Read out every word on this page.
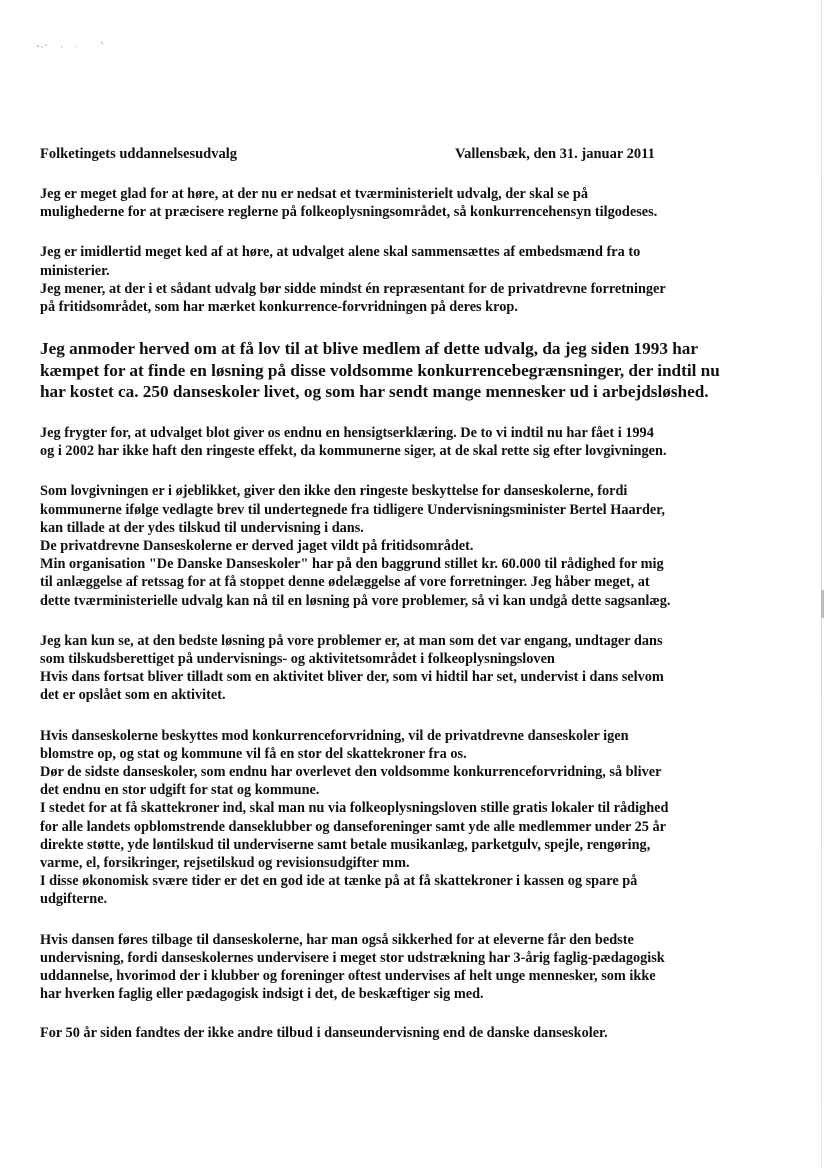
Folketingets uddannelsesudvalg	Vallensbæk, den 31. januar 2011

Jeg er meget glad for at høre, at der nu er nedsat et tværministerielt udvalg, der skal se på
mulighederne for at præcisere reglerne på folkeoplysningsområdet, så konkurrencehensyn tilgodeses.

Jeg er imidlertid meget ked af at høre, at udvalget alene skal sammensættes af embedsmænd fra to
ministerier.
Jeg mener, at der i et sådant udvalg bør sidde mindst én repræsentant for de privatdrevne forretninger
på fritidsområdet, som har mærket konkurrence-forvridningen på deres krop.

Jeg anmoder herved om at få lov til at blive medlem af dette udvalg, da jeg siden 1993 har
kæmpet for at finde en løsning på disse voldsomme konkurrencebegrænsninger, der indtil nu
har kostet ca. 250 danseskoler livet, og som har sendt mange mennesker ud i arbejdsløshed.

Jeg frygter for, at udvalget blot giver os endnu en hensigtserklæring. De to vi indtil nu har fået i 1994
og i 2002 har ikke haft den ringeste effekt, da kommunerne siger, at de skal rette sig efter lovgivningen.

Som lovgivningen er i øjeblikket, giver den ikke den ringeste beskyttelse for danseskolerne, fordi
kommunerne ifølge vedlagte brev til undertegnede fra tidligere Undervisningsminister Bertel Haarder,
kan tillade at der ydes tilskud til undervisning i dans.
De privatdrevne Danseskolerne er derved jaget vildt på fritidsområdet.
Min organisation "De Danske Danseskoler" har på den baggrund stillet kr. 60.000 til rådighed for mig
til anlæggelse af retssag for at få stoppet denne ødelæggelse af vore forretninger. Jeg håber meget, at
dette tværministerielle udvalg kan nå til en løsning på vore problemer, så vi kan undgå dette sagsanlæg.

Jeg kan kun se, at den bedste løsning på vore problemer er, at man som det var engang, undtager dans
som tilskudsberettiget på undervisnings- og aktivitetsområdet i folkeoplysningsloven
Hvis dans fortsat bliver tilladt som en aktivitet bliver der, som vi hidtil har set, undervist i dans selvom
det er opslået som en aktivitet.

Hvis danseskolerne beskyttes mod konkurrenceforvridning, vil de privatdrevne danseskoler igen
blomstre op, og stat og kommune vil få en stor del skattekroner fra os.
Dør de sidste danseskoler, som endnu har overlevet den voldsomme konkurrenceforvridning, så bliver
det endnu en stor udgift for stat og kommune.
I stedet for at få skattekroner ind, skal man nu via folkeoplysningsloven stille gratis lokaler til rådighed
for alle landets opblomstrende danseklubber og danseforeninger samt yde alle medlemmer under 25 år
direkte støtte, yde løntilskud til underviserne samt betale musikanlæg, parketgulv, spejle, rengøring,
varme, el, forsikringer, rejsetilskud og revisionsudgifter mm.
I disse økonomisk svære tider er det en god ide at tænke på at få skattekroner i kassen og spare på
udgifterne.

Hvis dansen føres tilbage til danseskolerne, har man også sikkerhed for at eleverne får den bedste
undervisning, fordi danseskolernes undervisere i meget stor udstrækning har 3-årig faglig-pædagogisk
uddannelse, hvorimod der i klubber og foreninger oftest undervises af helt unge mennesker, som ikke
har hverken faglig eller pædagogisk indsigt i det, de beskæftiger sig med.

For 50 år siden fandtes der ikke andre tilbud i danseundervisning end de danske danseskoler.
